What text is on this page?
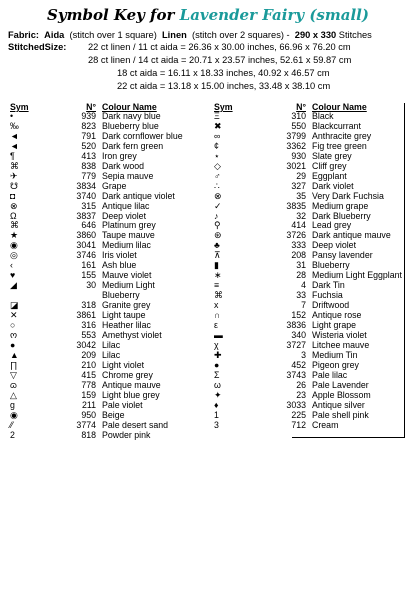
Symbol Key for Lavender Fairy (small)
Fabric: Aida (stitch over 1 square) Linen (stitch over 2 squares) - 290 x 330 Stitches
StitchedSize: 22 ct linen / 11 ct aida = 26.36 x 30.00 inches, 66.96 x 76.20 cm
28 ct linen / 14 ct aida = 20.71 x 23.57 inches, 52.61 x 59.87 cm
18 ct aida = 16.11 x 18.33 inches, 40.92 x 46.57 cm
22 ct aida = 13.18 x 15.00 inches, 33.48 x 38.10 cm
Sym	N°	Colour Name
•	939	Dark navy blue
‰	823	Blueberry blue
◄	791	Dark cornflower blue
◄	520	Dark fern green
¶	413	Iron grey
⌘	838	Dark wood
✈	779	Sepia mauve
☋	3834	Grape
◘	3740	Dark antique violet
⊗	315	Antique lilac
Ω	3837	Deep violet
⌘	646	Platinum grey
★	3860	Taupe mauve
◉	3041	Medium lilac
◎	3746	Iris violet
‹	161	Ash blue
♥	155	Mauve violet
◢	30	Medium Light
		Blueberry
◪	318	Granite grey
✕	3861	Light taupe
○	316	Heather lilac
ო	553	Amethyst violet
●	3042	Lilac
▲	209	Lilac
∏	210	Light violet
▽	415	Chrome grey
ɷ	778	Antique mauve
△	159	Light blue grey
g	211	Pale violet
◉	950	Beige
⁄⁄	3774	Pale desert sand
2	818	Powder pink
Sym	N°	Colour Name
Ξ	310	Black
✖	550	Blackcurrant
∞	3799	Anthracite grey
¢	3362	Fig tree green
⋆	930	Slate grey
◇	3021	Cliff grey
♂	29	Eggplant
∴	327	Dark violet
⊗	35	Very Dark Fuchsia
✓	3835	Medium grape
♪	32	Dark Blueberry
⚲	414	Lead grey
⊛	3726	Dark antique mauve
♣	333	Deep violet
⊼	208	Pansy lavender
▮	31	Blueberry
∗	28	Medium Light Eggplant
≡	4	Dark Tin

⌘	33	Fuchsia
x	7	Driftwood
∩	152	Antique rose
ε	3836	Light grape
▬	340	Wisteria violet
χ	3727	Litchee mauve
✚	3	Medium Tin
●	452	Pigeon grey
Σ	3743	Pale lilac
ω	26	Pale Lavender
✦	23	Apple Blossom
♦	3033	Antique silver
1	225	Pale shell pink
3	712	Cream
